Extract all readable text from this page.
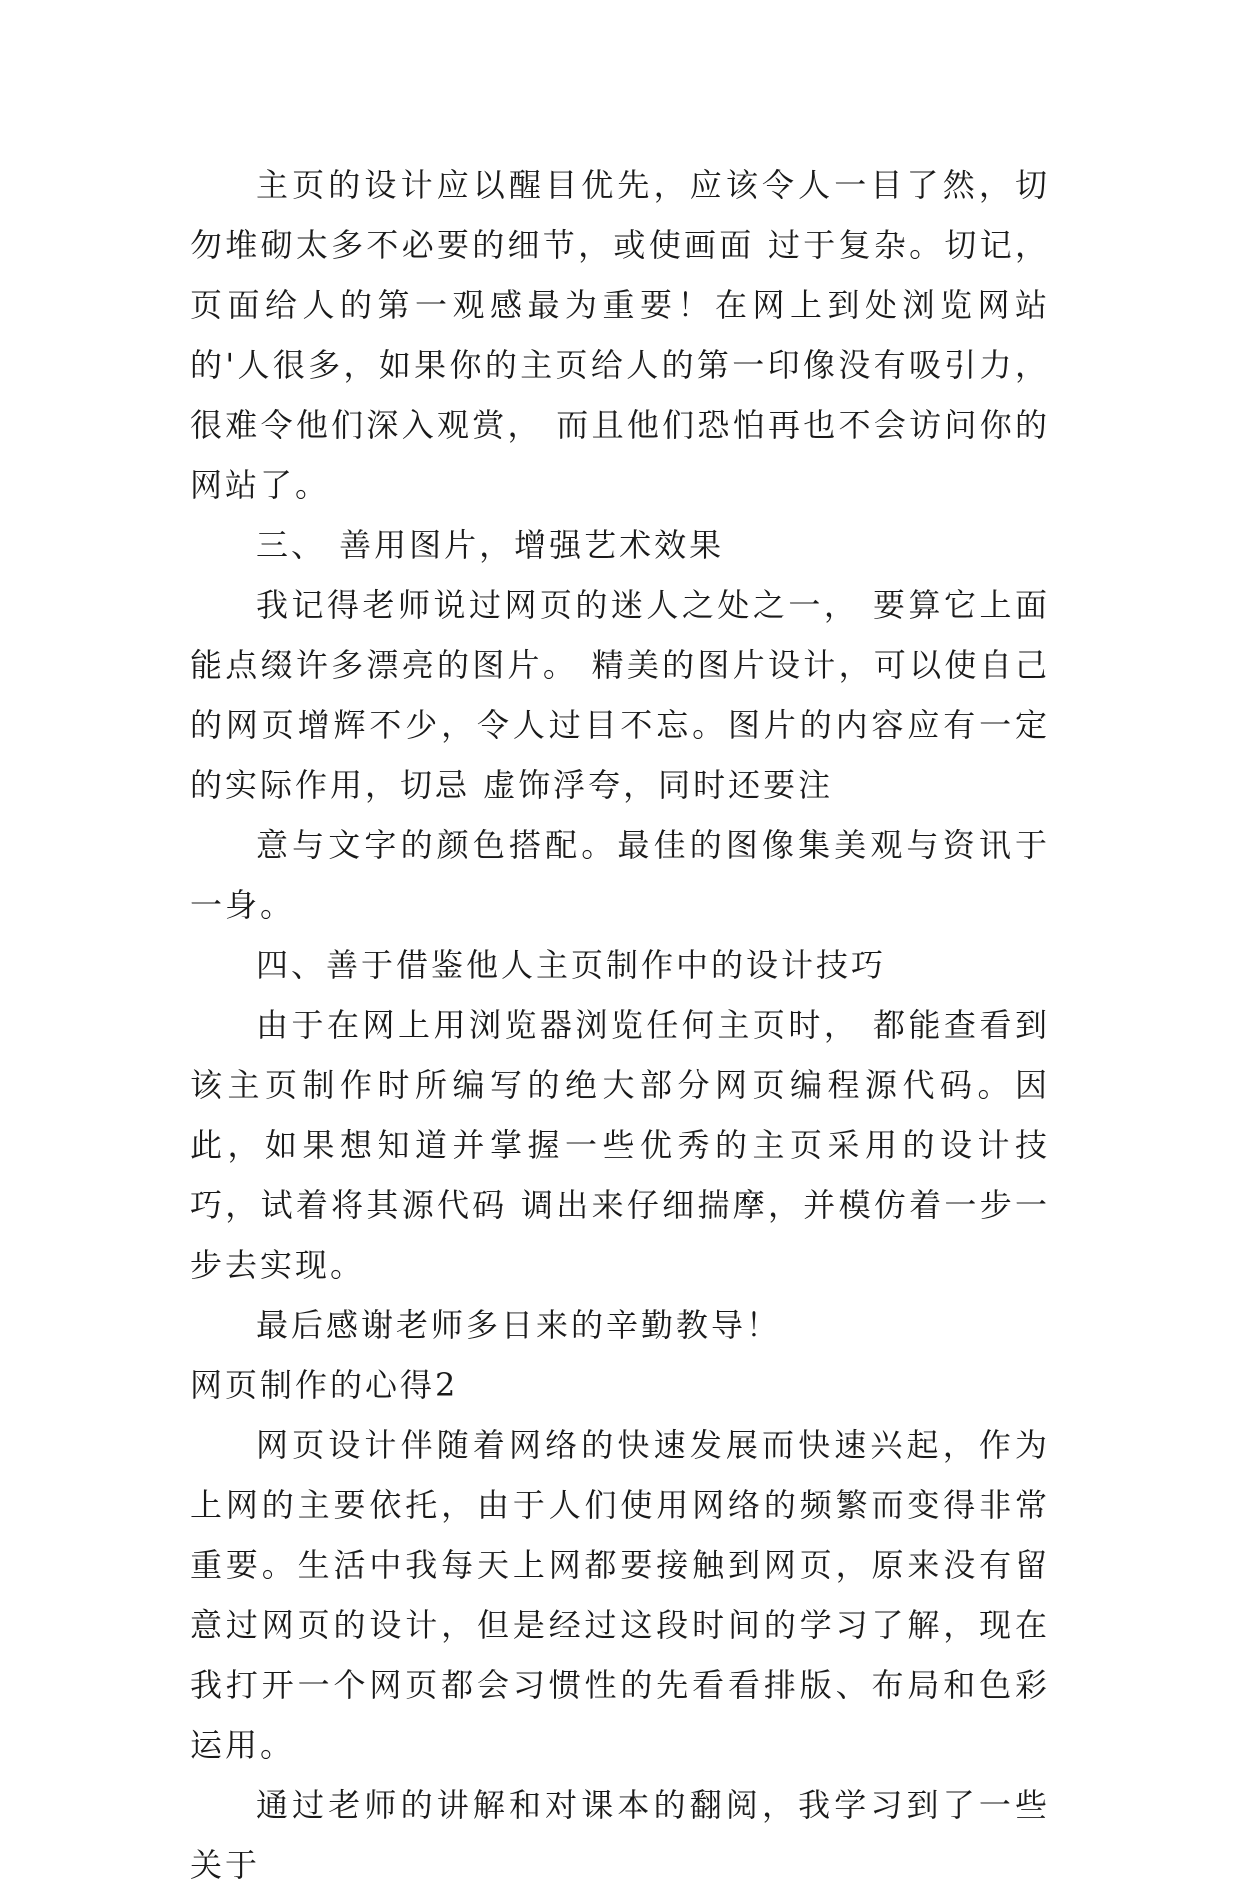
主页的设计应以醒目优先，应该令人一目了然，切勿堆砌太多不必要的细节，或使画面 过于复杂。切记，页面给人的第一观感最为重要！在网上到处浏览网站的'人很多，如果你的主页给人的第一印像没有吸引力， 很难令他们深入观赏， 而且他们恐怕再也不会访问你的网站了。

三、 善用图片，增强艺术效果

我记得老师说过网页的迷人之处之一， 要算它上面能点缀许多漂亮的图片。 精美的图片设计，可以使自己的网页增辉不少，令人过目不忘。图片的内容应有一定的实际作用，切忌 虚饰浮夸，同时还要注

意与文字的颜色搭配。最佳的图像集美观与资讯于一身。

四、善于借鉴他人主页制作中的设计技巧

由于在网上用浏览器浏览任何主页时， 都能查看到该主页制作时所编写的绝大部分网页编程源代码。因此，如果想知道并掌握一些优秀的主页采用的设计技巧，试着将其源代码 调出来仔细揣摩，并模仿着一步一步去实现。

最后感谢老师多日来的辛勤教导！

网页制作的心得2

网页设计伴随着网络的快速发展而快速兴起，作为上网的主要依托，由于人们使用网络的频繁而变得非常重要。生活中我每天上网都要接触到网页，原来没有留意过网页的设计，但是经过这段时间的学习了解，现在我打开一个网页都会习惯性的先看看排版、布局和色彩运用。

通过老师的讲解和对课本的翻阅，我学习到了一些关于
